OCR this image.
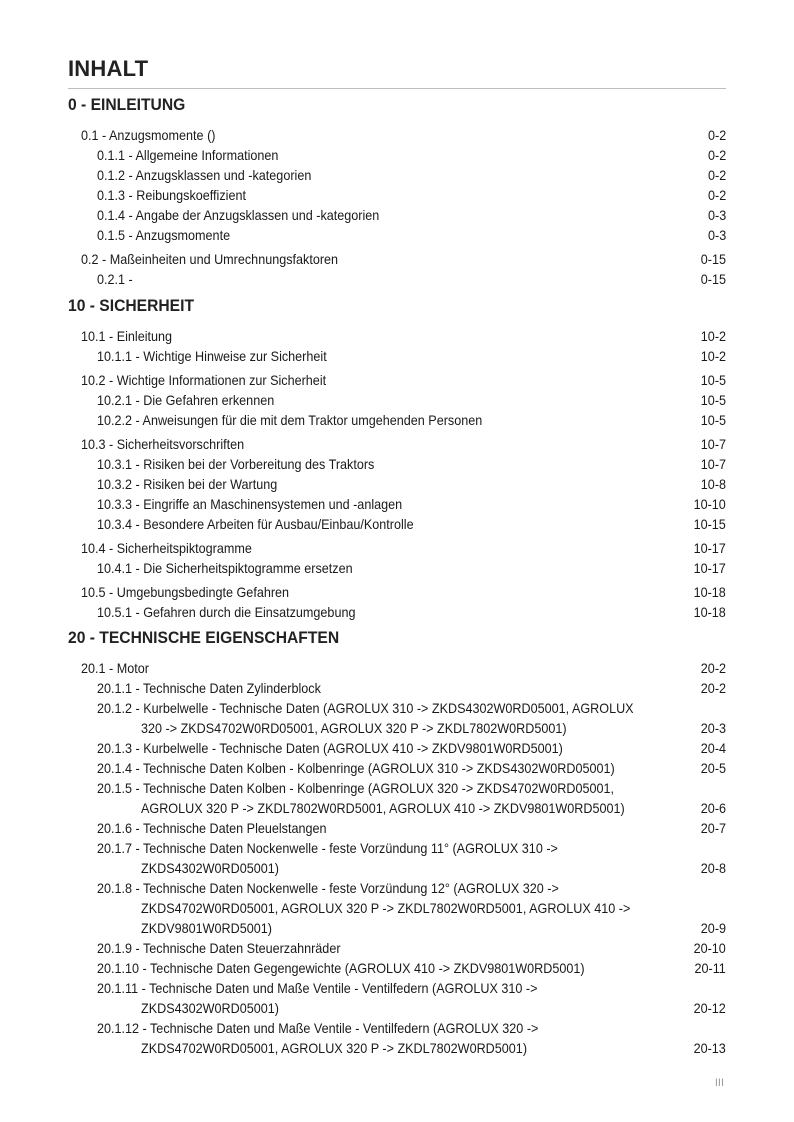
INHALT
0 - EINLEITUNG
0.1 - Anzugsmomente ()	0-2
0.1.1 - Allgemeine Informationen	0-2
0.1.2 - Anzugsklassen und -kategorien	0-2
0.1.3 - Reibungskoeffizient	0-2
0.1.4 - Angabe der Anzugsklassen und -kategorien	0-3
0.1.5 - Anzugsmomente	0-3
0.2 - Maßeinheiten und Umrechnungsfaktoren	0-15
0.2.1 -	0-15
10 - SICHERHEIT
10.1 - Einleitung	10-2
10.1.1 - Wichtige Hinweise zur Sicherheit	10-2
10.2 - Wichtige Informationen zur Sicherheit	10-5
10.2.1 - Die Gefahren erkennen	10-5
10.2.2 - Anweisungen für die mit dem Traktor umgehenden Personen	10-5
10.3 - Sicherheitsvorschriften	10-7
10.3.1 - Risiken bei der Vorbereitung des Traktors	10-7
10.3.2 - Risiken bei der Wartung	10-8
10.3.3 - Eingriffe an Maschinensystemen und -anlagen	10-10
10.3.4 - Besondere Arbeiten für Ausbau/Einbau/Kontrolle	10-15
10.4 - Sicherheitspiktogramme	10-17
10.4.1 - Die Sicherheitspiktogramme ersetzen	10-17
10.5 - Umgebungsbedingte Gefahren	10-18
10.5.1 - Gefahren durch die Einsatzumgebung	10-18
20 - TECHNISCHE EIGENSCHAFTEN
20.1 - Motor	20-2
20.1.1 - Technische Daten Zylinderblock	20-2
20.1.2 - Kurbelwelle - Technische Daten (AGROLUX 310 -> ZKDS4302W0RD05001, AGROLUX
320 -> ZKDS4702W0RD05001, AGROLUX 320 P -> ZKDL7802W0RD5001)	20-3
20.1.3 - Kurbelwelle - Technische Daten (AGROLUX 410 -> ZKDV9801W0RD5001)	20-4
20.1.4 - Technische Daten Kolben - Kolbenringe (AGROLUX 310 -> ZKDS4302W0RD05001)	20-5
20.1.5 - Technische Daten Kolben - Kolbenringe (AGROLUX 320 -> ZKDS4702W0RD05001,
AGROLUX 320 P -> ZKDL7802W0RD5001, AGROLUX 410 -> ZKDV9801W0RD5001)	20-6
20.1.6 - Technische Daten Pleuelstangen	20-7
20.1.7 - Technische Daten Nockenwelle - feste Vorzündung 11° (AGROLUX 310 ->
ZKDS4302W0RD05001)	20-8
20.1.8 - Technische Daten Nockenwelle - feste Vorzündung 12° (AGROLUX 320 ->
ZKDS4702W0RD05001, AGROLUX 320 P -> ZKDL7802W0RD5001, AGROLUX 410 ->
ZKDV9801W0RD5001)	20-9
20.1.9 - Technische Daten Steuerzahnräder	20-10
20.1.10 - Technische Daten Gegengewichte (AGROLUX 410 -> ZKDV9801W0RD5001)	20-11
20.1.11 - Technische Daten und Maße Ventile - Ventilfedern (AGROLUX 310 ->
ZKDS4302W0RD05001)	20-12
20.1.12 - Technische Daten und Maße Ventile - Ventilfedern (AGROLUX 320 ->
ZKDS4702W0RD05001, AGROLUX 320 P -> ZKDL7802W0RD5001)	20-13
III
